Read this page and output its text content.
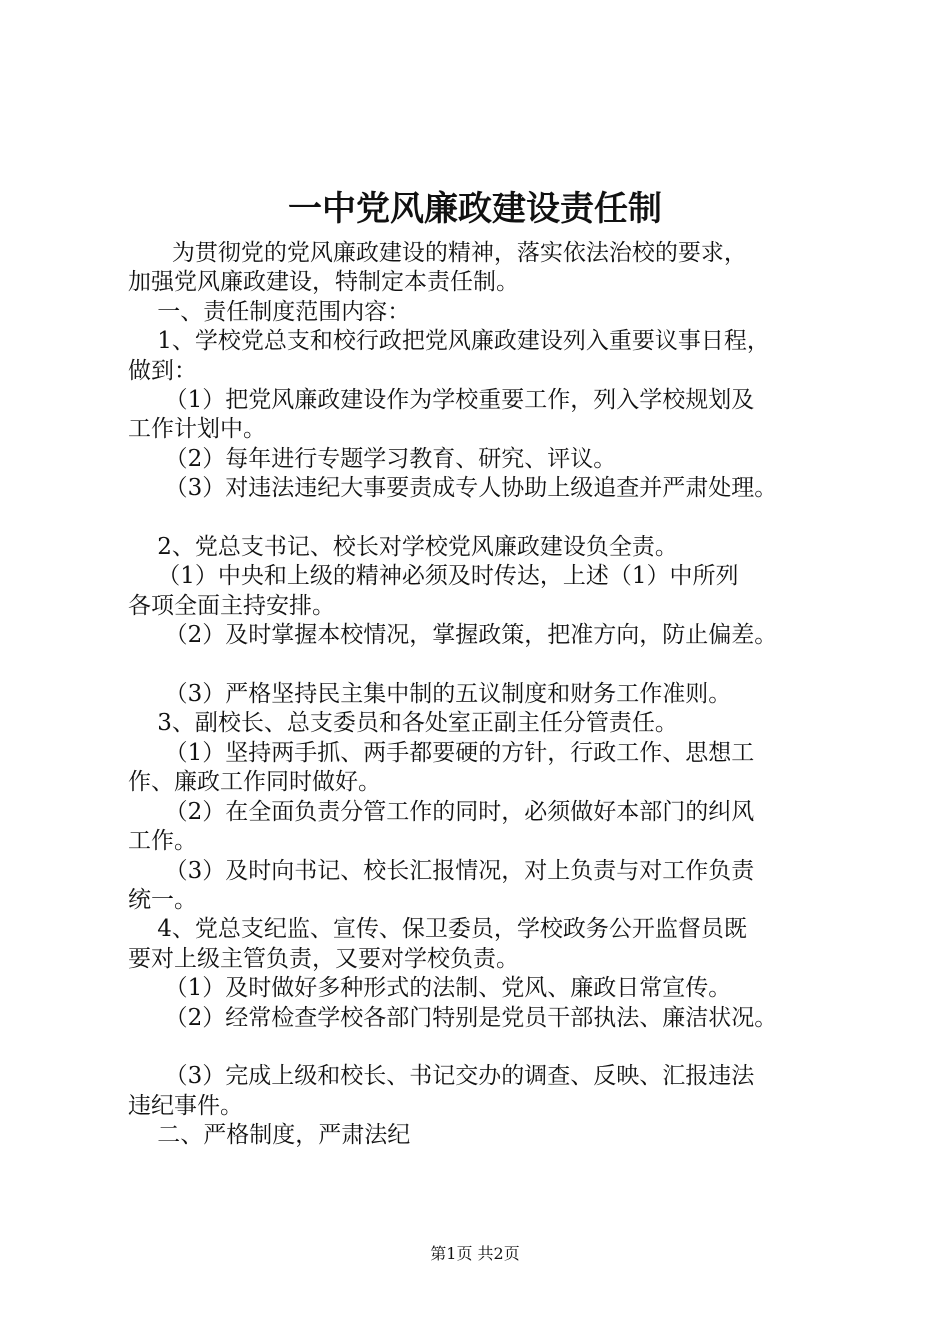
一中党风廉政建设责任制

为贯彻党的党风廉政建设的精神，落实依法治校的要求，

加强党风廉政建设，特制定本责任制。

一、责任制度范围内容：

1、学校党总支和校行政把党风廉政建设列入重要议事日程，

做到：

（1）把党风廉政建设作为学校重要工作，列入学校规划及

工作计划中。

（2）每年进行专题学习教育、研究、评议。

（3）对违法违纪大事要责成专人协助上级追查并严肃处理。

2、党总支书记、校长对学校党风廉政建设负全责。

（1）中央和上级的精神必须及时传达，上述（1）中所列

各项全面主持安排。

（2）及时掌握本校情况，掌握政策，把准方向，防止偏差。

（3）严格坚持民主集中制的五议制度和财务工作准则。

3、副校长、总支委员和各处室正副主任分管责任。

（1）坚持两手抓、两手都要硬的方针，行政工作、思想工

作、廉政工作同时做好。

（2）在全面负责分管工作的同时，必须做好本部门的纠风

工作。

（3）及时向书记、校长汇报情况，对上负责与对工作负责

统一。

4、党总支纪监、宣传、保卫委员，学校政务公开监督员既

要对上级主管负责，又要对学校负责。

（1）及时做好多种形式的法制、党风、廉政日常宣传。

（2）经常检查学校各部门特别是党员干部执法、廉洁状况。

（3）完成上级和校长、书记交办的调查、反映、汇报违法

违纪事件。

二、严格制度，严肃法纪

第1页 共2页
